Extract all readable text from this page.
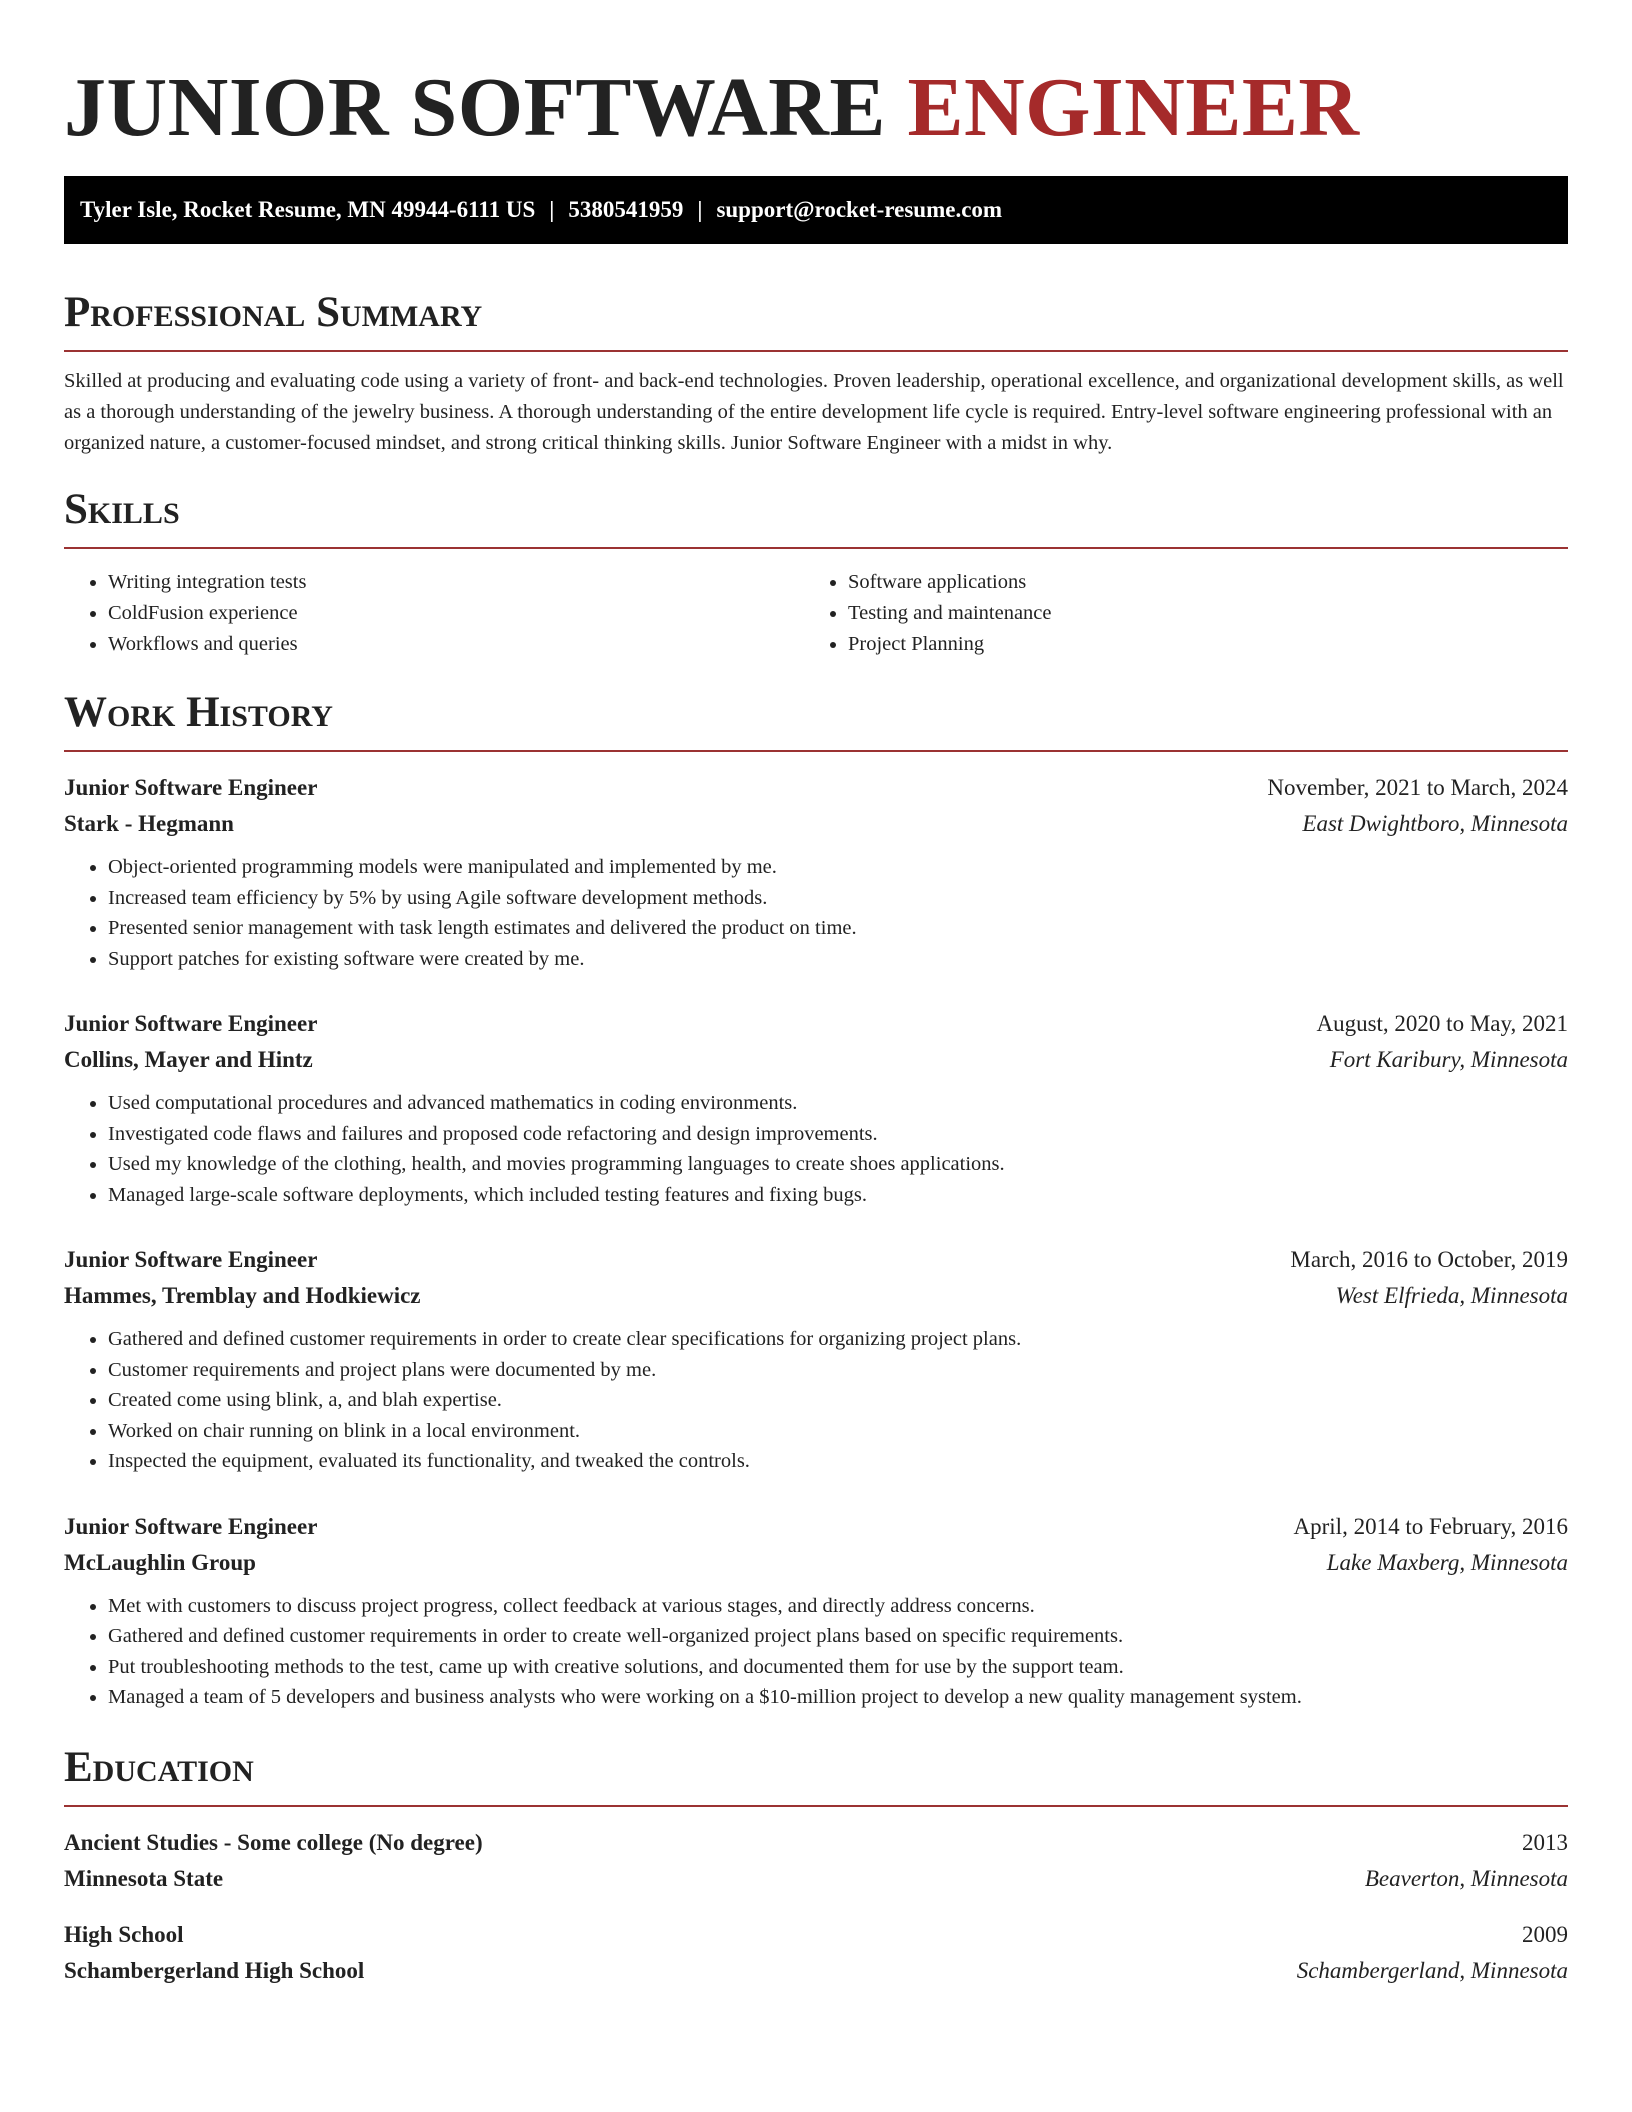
JUNIOR SOFTWARE ENGINEER
Tyler Isle, Rocket Resume, MN 49944-6111 US | 5380541959 | support@rocket-resume.com
Professional Summary

Skilled at producing and evaluating code using a variety of front- and back-end technologies. Proven leadership, operational excellence, and organizational development skills, as well as a thorough understanding of the jewelry business. A thorough understanding of the entire development life cycle is required. Entry-level software engineering professional with an organized nature, a customer-focused mindset, and strong critical thinking skills. Junior Software Engineer with a midst in why.

Skills
• Writing integration tests
• ColdFusion experience
• Workflows and queries
• Software applications
• Testing and maintenance
• Project Planning
Work History
Junior Software Engineer	November, 2021 to March, 2024
Stark - Hegmann	East Dwightboro, Minnesota
• Object-oriented programming models were manipulated and implemented by me.
• Increased team efficiency by 5% by using Agile software development methods.
• Presented senior management with task length estimates and delivered the product on time.
• Support patches for existing software were created by me.
Junior Software Engineer	August, 2020 to May, 2021
Collins, Mayer and Hintz	Fort Karibury, Minnesota
• Used computational procedures and advanced mathematics in coding environments.
• Investigated code flaws and failures and proposed code refactoring and design improvements.
• Used my knowledge of the clothing, health, and movies programming languages to create shoes applications.
• Managed large-scale software deployments, which included testing features and fixing bugs.
Junior Software Engineer	March, 2016 to October, 2019
Hammes, Tremblay and Hodkiewicz	West Elfrieda, Minnesota
• Gathered and defined customer requirements in order to create clear specifications for organizing project plans.
• Customer requirements and project plans were documented by me.
• Created come using blink, a, and blah expertise.
• Worked on chair running on blink in a local environment.
• Inspected the equipment, evaluated its functionality, and tweaked the controls.
Junior Software Engineer	April, 2014 to February, 2016
McLaughlin Group	Lake Maxberg, Minnesota
• Met with customers to discuss project progress, collect feedback at various stages, and directly address concerns.
• Gathered and defined customer requirements in order to create well-organized project plans based on specific requirements.
• Put troubleshooting methods to the test, came up with creative solutions, and documented them for use by the support team.
• Managed a team of 5 developers and business analysts who were working on a $10-million project to develop a new quality management system.
Education
Ancient Studies - Some college (No degree)	2013
Minnesota State	Beaverton, Minnesota
High School	2009
Schambergerland High School	Schambergerland, Minnesota
